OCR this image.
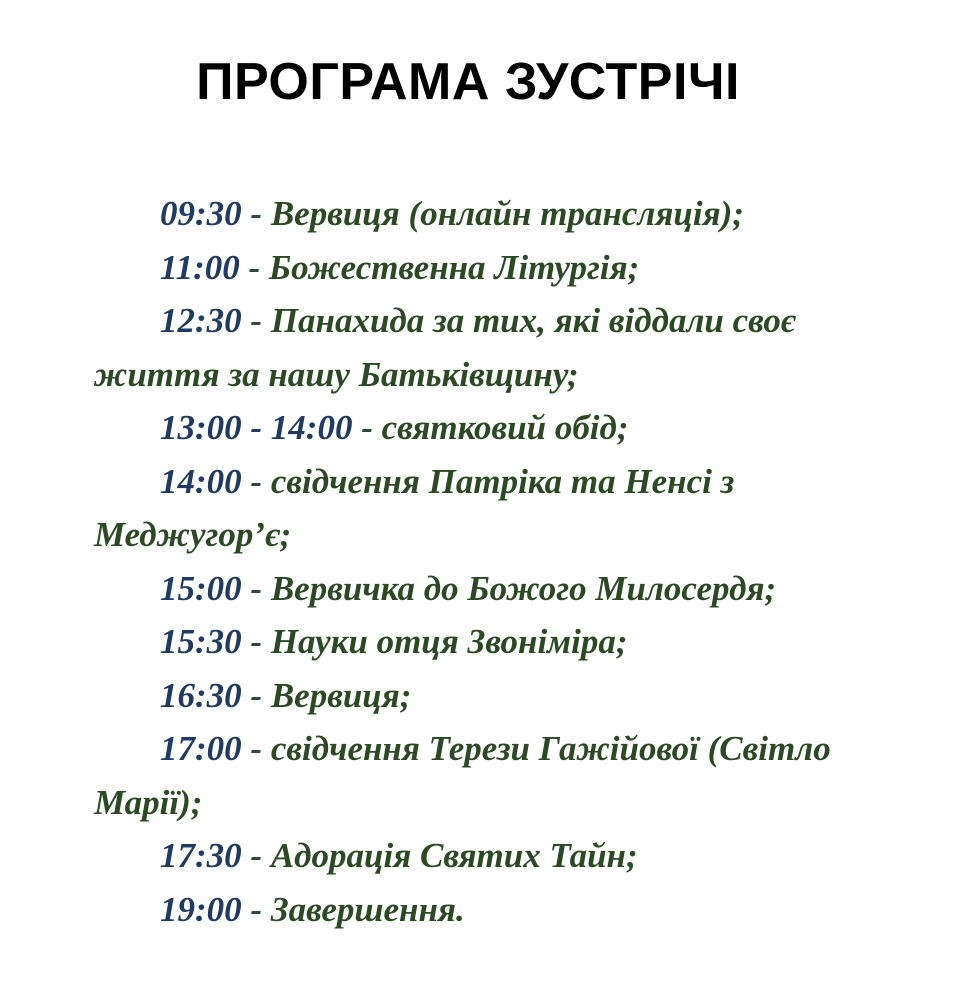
ПРОГРАМА ЗУСТРІЧІ

09:30 - Вервиця (онлайн трансляція);

11:00 - Божественна Літургія;

12:30 - Панахида за тих, які віддали своє життя за нашу Батьківщину;

13:00 - 14:00 - святковий обід;

14:00 - свідчення Патріка та Ненсі з Меджугор’є;

15:00 - Вервичка до Божого Милосердя;

15:30 - Науки отця Звоніміра;

16:30 - Вервиця;

17:00 - свідчення Терези Гажійової (Світло Марії);

17:30 - Адорація Святих Тайн;

19:00 - Завершення.
